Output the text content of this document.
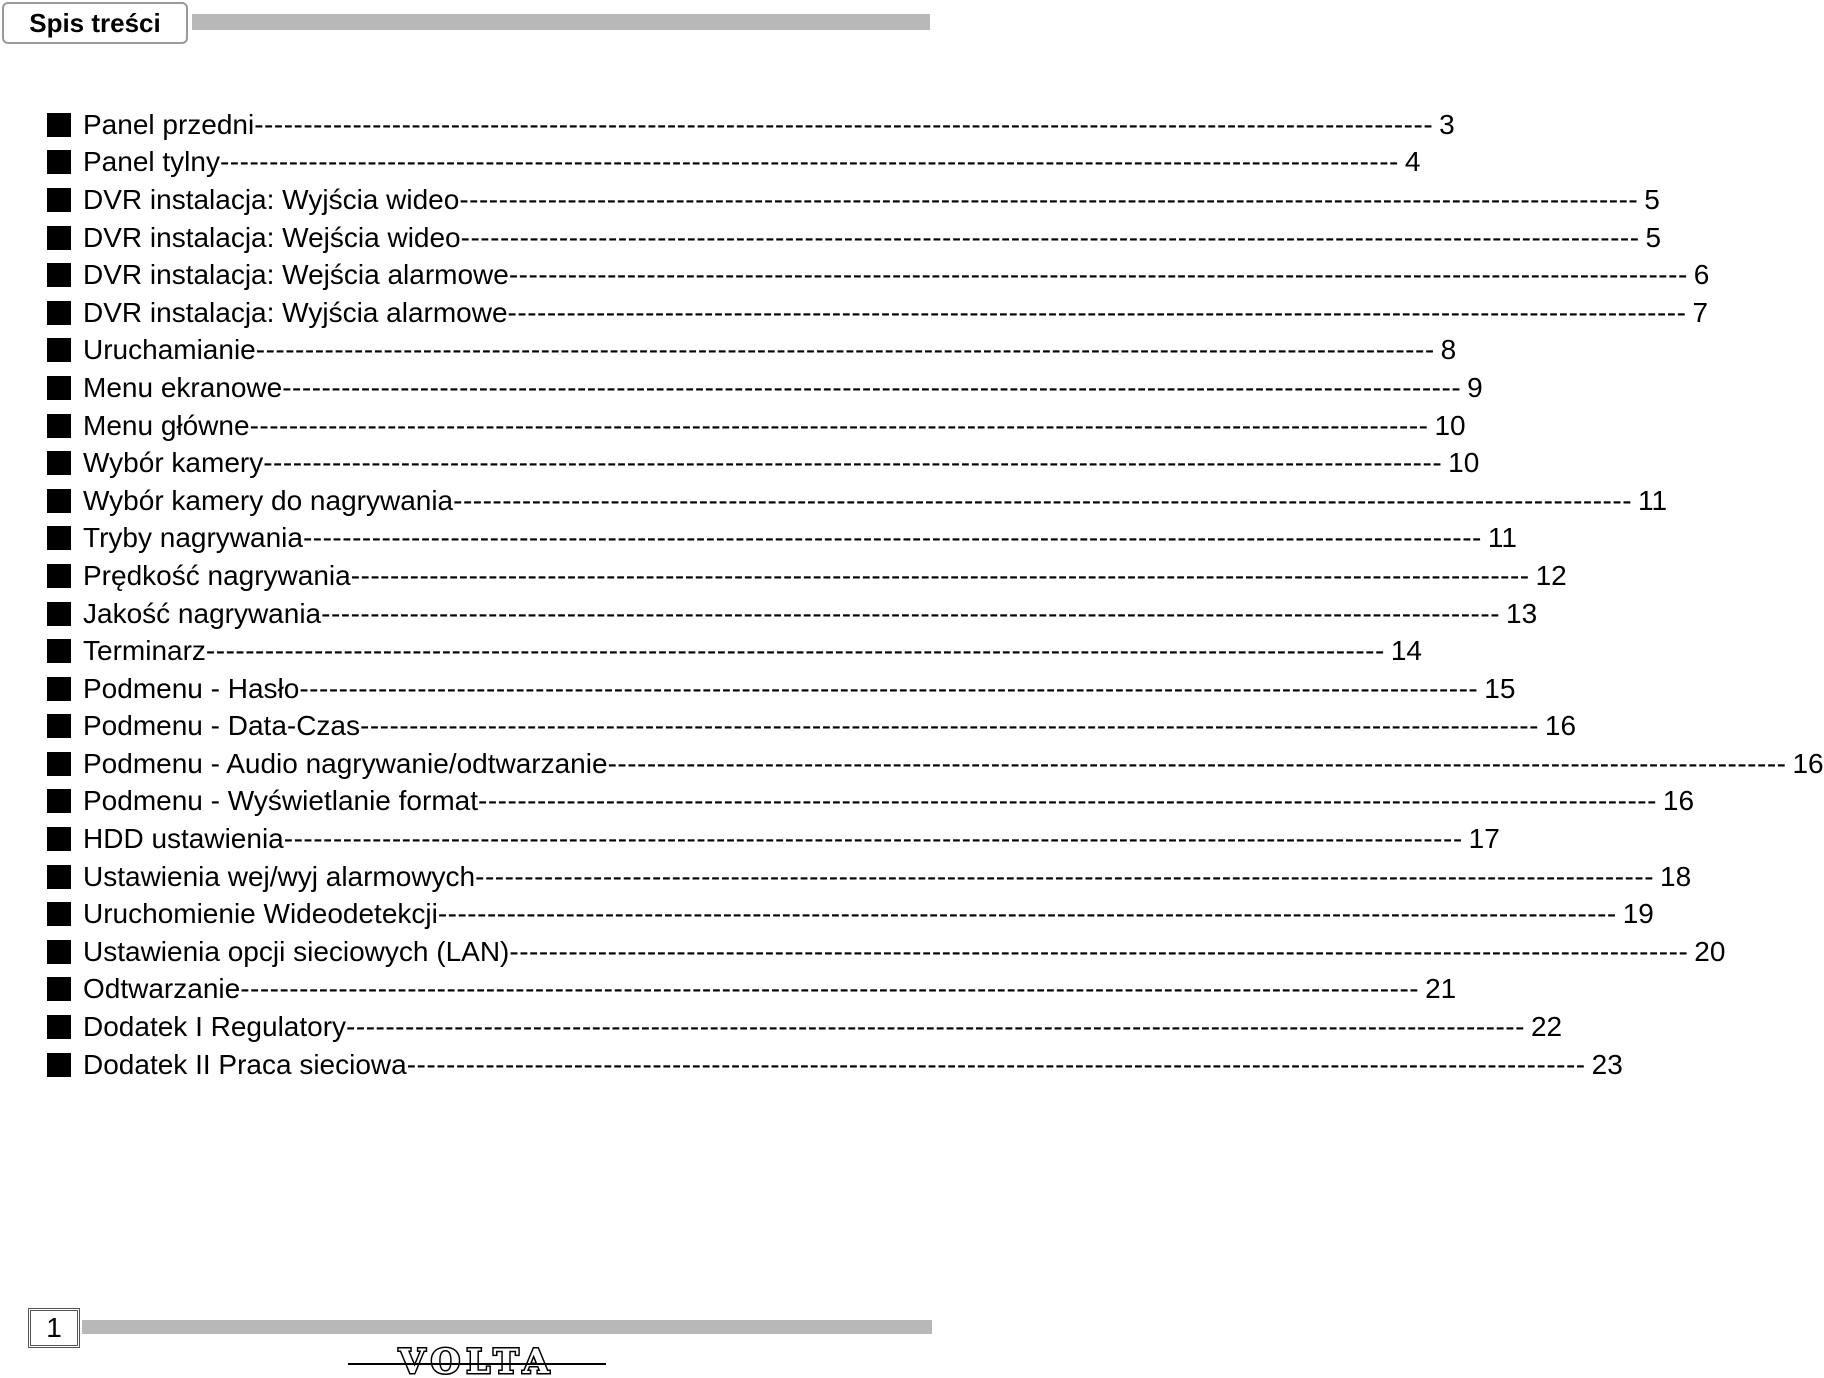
Spis treści
Panel przedni ------------------------------------------------------------------------------------------------------------------------ 3
Panel tylny ------------------------------------------------------------------------------------------------------------------------ 4
DVR instalacja: Wyjścia wideo ------------------------------------------------------------------------------------------------------------------------ 5
DVR instalacja: Wejścia wideo ------------------------------------------------------------------------------------------------------------------------ 5
DVR instalacja: Wejścia alarmowe ------------------------------------------------------------------------------------------------------------------------ 6
DVR instalacja: Wyjścia alarmowe ------------------------------------------------------------------------------------------------------------------------ 7
Uruchamianie ------------------------------------------------------------------------------------------------------------------------ 8
Menu ekranowe ------------------------------------------------------------------------------------------------------------------------ 9
Menu główne ------------------------------------------------------------------------------------------------------------------------ 10
Wybór kamery ------------------------------------------------------------------------------------------------------------------------ 10
Wybór kamery do nagrywania ------------------------------------------------------------------------------------------------------------------------ 11
Tryby nagrywania ------------------------------------------------------------------------------------------------------------------------ 11
Prędkość nagrywania ------------------------------------------------------------------------------------------------------------------------ 12
Jakość nagrywania ------------------------------------------------------------------------------------------------------------------------ 13
Terminarz ------------------------------------------------------------------------------------------------------------------------ 14
Podmenu - Hasło ------------------------------------------------------------------------------------------------------------------------ 15
Podmenu - Data-Czas ------------------------------------------------------------------------------------------------------------------------ 16
Podmenu - Audio nagrywanie/odtwarzanie ------------------------------------------------------------------------------------------------------------------------ 16
Podmenu - Wyświetlanie format ------------------------------------------------------------------------------------------------------------------------ 16
HDD ustawienia ------------------------------------------------------------------------------------------------------------------------ 17
Ustawienia wej/wyj alarmowych ------------------------------------------------------------------------------------------------------------------------ 18
Uruchomienie Wideodetekcji ------------------------------------------------------------------------------------------------------------------------ 19
Ustawienia opcji sieciowych (LAN) ------------------------------------------------------------------------------------------------------------------------ 20
Odtwarzanie ------------------------------------------------------------------------------------------------------------------------ 21
Dodatek I Regulatory ------------------------------------------------------------------------------------------------------------------------ 22
Dodatek II Praca sieciowa ------------------------------------------------------------------------------------------------------------------------ 23
1
VOLTA
